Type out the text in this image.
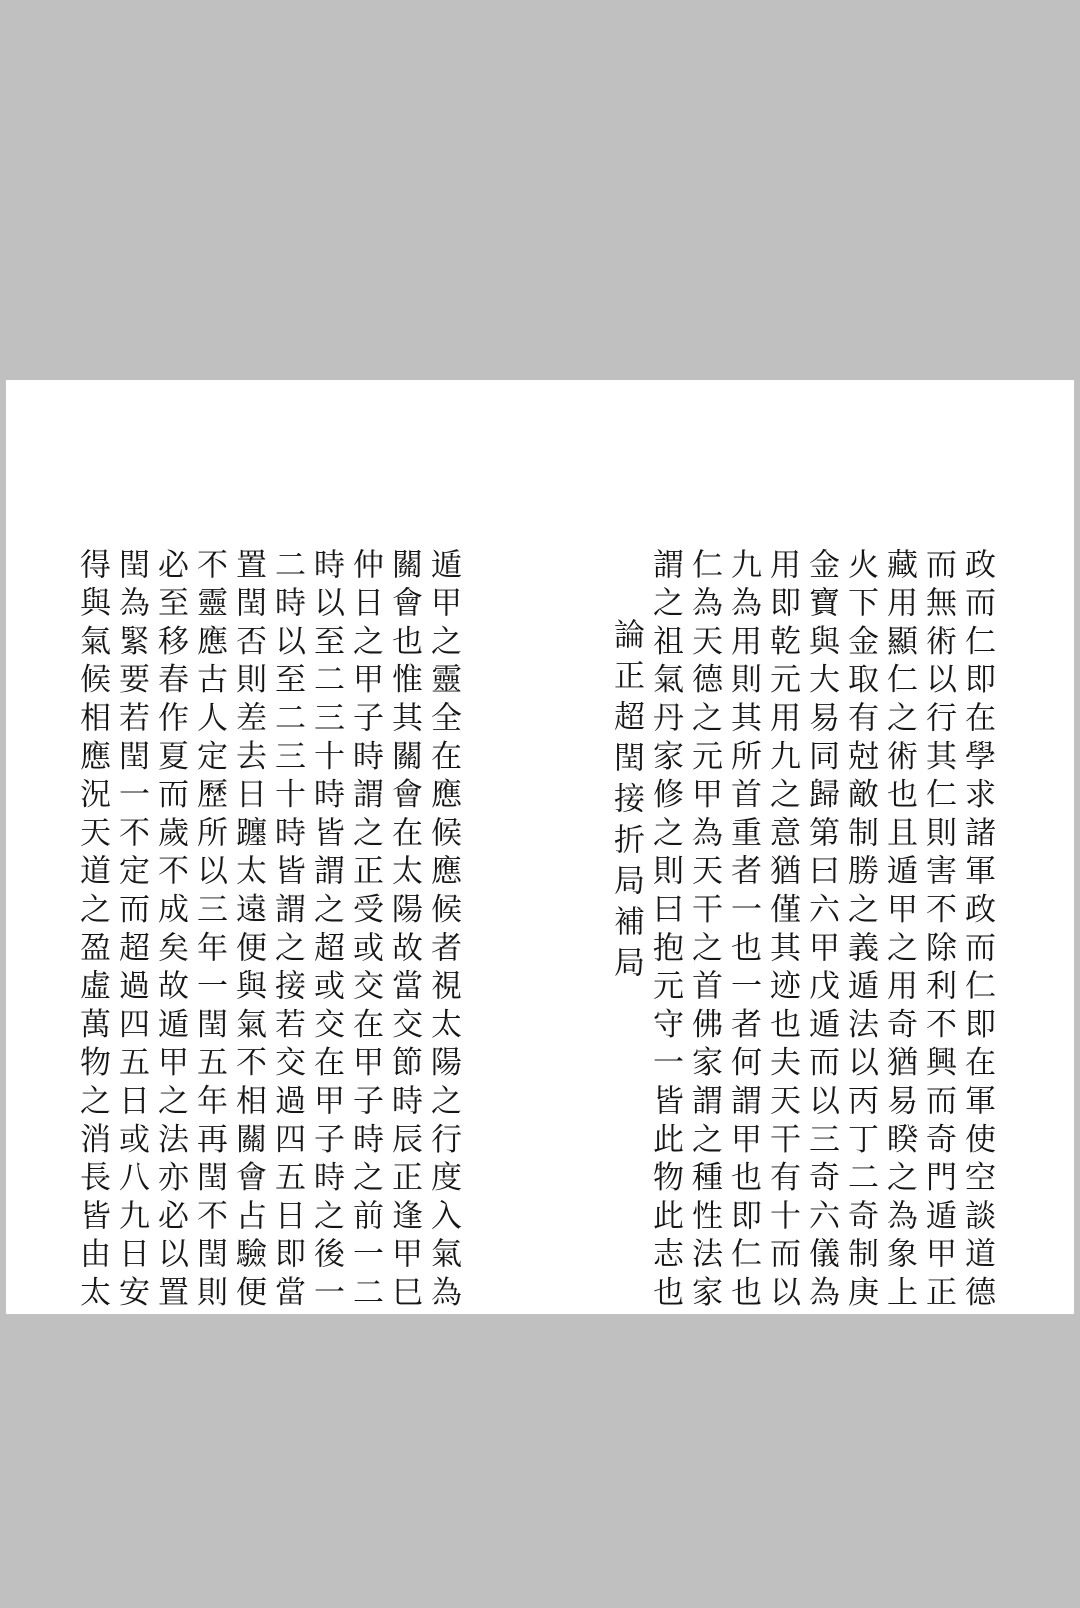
政而仁即在學求諸軍政而仁即在軍使空談道德
而無術以行其仁則害不除利不興而奇門遁甲正
藏用顯仁之術也且遁甲之用奇猶易睽之為象上
火下金取有尅敵制勝之義遁法以丙丁二奇制庚
金寶與大易同歸第曰六甲戊遁而以三奇六儀為
用即乾元用九之意猶僅其迹也夫天干有十而以
九為用則其所首重者一也一者何謂甲也即仁也
仁為天德之元甲為天干之首佛家謂之種性法家
謂之祖氣丹家修之則曰抱元守一皆此物此志也
論正超閏接折局補局
遁甲之靈全在應候應候者視太陽之行度入氣為
關會也惟其關會在太陽故當交節時辰正逢甲巳
仲日之甲子時謂之正受或交在甲子時之前一二
時以至二三十時皆謂之超或交在甲子時之後一
二時以至二三十時皆謂之接若交過四五日即當
置閏否則差去日躔太遠便與氣不相關會占驗便
不靈應古人定歷所以三年一閏五年再閏不閏則
必至移春作夏而歲不成矣故遁甲之法亦必以置
閏為緊要若閏一不定而超過四五日或八九日安
得與氣候相應況天道之盈虛萬物之消長皆由太
